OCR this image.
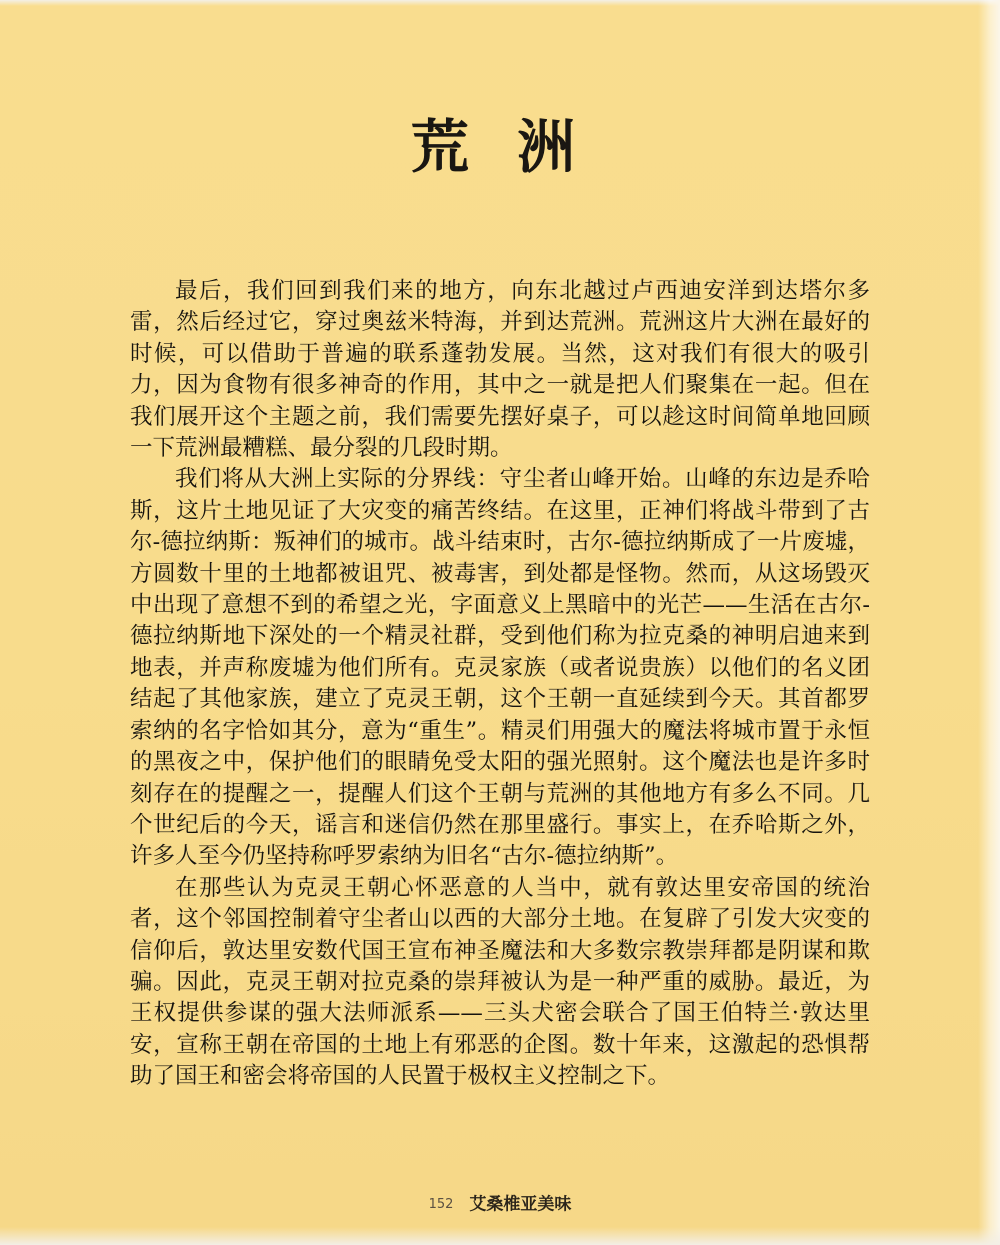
荒 洲

最后，我们回到我们来的地方，向东北越过卢西迪安洋到达塔尔多雷，然后经过它，穿过奥兹米特海，并到达荒洲。荒洲这片大洲在最好的时候，可以借助于普遍的联系蓬勃发展。当然，这对我们有很大的吸引力，因为食物有很多神奇的作用，其中之一就是把人们聚集在一起。但在我们展开这个主题之前，我们需要先摆好桌子，可以趁这时间简单地回顾一下荒洲最糟糕、最分裂的几段时期。

我们将从大洲上实际的分界线：守尘者山峰开始。山峰的东边是乔哈斯，这片土地见证了大灾变的痛苦终结。在这里，正神们将战斗带到了古尔-德拉纳斯：叛神们的城市。战斗结束时，古尔-德拉纳斯成了一片废墟，方圆数十里的土地都被诅咒、被毒害，到处都是怪物。然而，从这场毁灭中出现了意想不到的希望之光，字面意义上黑暗中的光芒——生活在古尔-德拉纳斯地下深处的一个精灵社群，受到他们称为拉克桑的神明启迪来到地表，并声称废墟为他们所有。克灵家族（或者说贵族）以他们的名义团结起了其他家族，建立了克灵王朝，这个王朝一直延续到今天。其首都罗索纳的名字恰如其分，意为“重生”。精灵们用强大的魔法将城市置于永恒的黑夜之中，保护他们的眼睛免受太阳的强光照射。这个魔法也是许多时刻存在的提醒之一，提醒人们这个王朝与荒洲的其他地方有多么不同。几个世纪后的今天，谣言和迷信仍然在那里盛行。事实上，在乔哈斯之外，许多人至今仍坚持称呼罗索纳为旧名“古尔-德拉纳斯”。

在那些认为克灵王朝心怀恶意的人当中，就有敦达里安帝国的统治者，这个邻国控制着守尘者山以西的大部分土地。在复辟了引发大灾变的信仰后，敦达里安数代国王宣布神圣魔法和大多数宗教崇拜都是阴谋和欺骗。因此，克灵王朝对拉克桑的崇拜被认为是一种严重的威胁。最近，为王权提供参谋的强大法师派系——三头犬密会联合了国王伯特兰·敦达里安，宣称王朝在帝国的土地上有邪恶的企图。数十年来，这激起的恐惧帮助了国王和密会将帝国的人民置于极权主义控制之下。

152 艾桑椎亚美味
